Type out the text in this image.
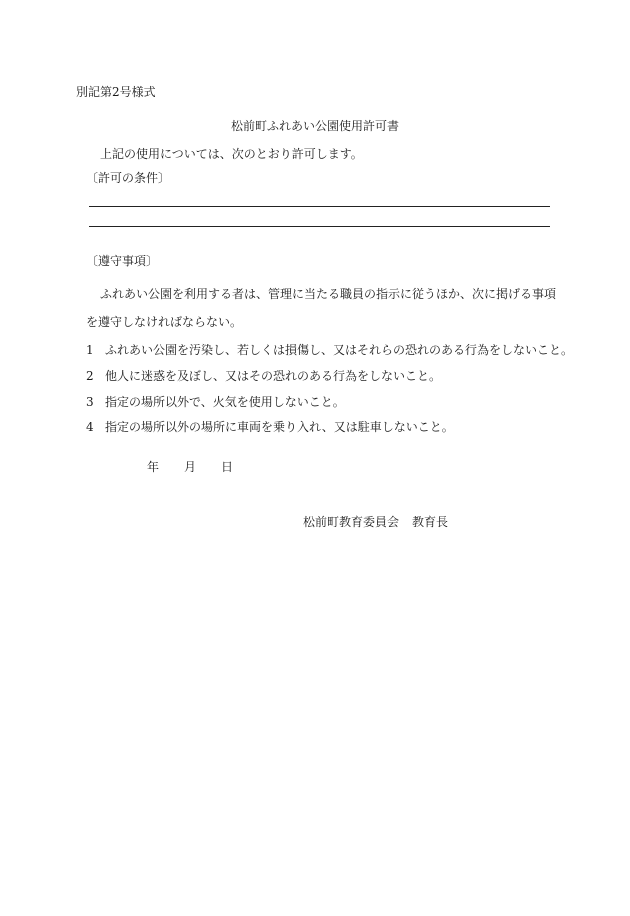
別記第2号様式
松前町ふれあい公園使用許可書
上記の使用については、次のとおり許可します。
〔許可の条件〕
〔遵守事項〕
ふれあい公園を利用する者は、管理に当たる職員の指示に従うほか、次に掲げる事項
を遵守しなければならない。
1 ふれあい公園を汚染し、若しくは損傷し、又はそれらの恐れのある行為をしないこと。
2 他人に迷惑を及ぼし、又はその恐れのある行為をしないこと。
3 指定の場所以外で、火気を使用しないこと。
4 指定の場所以外の場所に車両を乗り入れ、又は駐車しないこと。
年 月 日
松前町教育委員会 教育長
